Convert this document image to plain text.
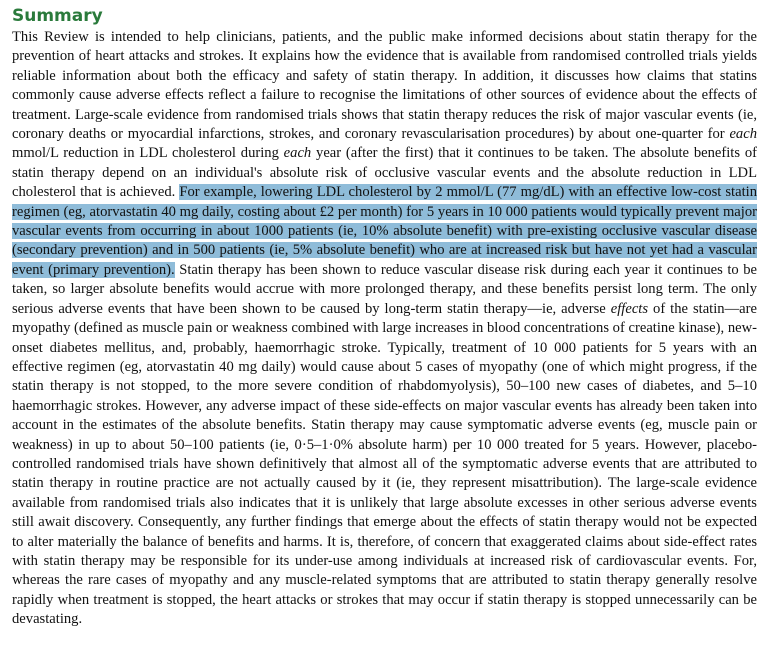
Summary

This Review is intended to help clinicians, patients, and the public make informed decisions about statin therapy for the prevention of heart attacks and strokes. It explains how the evidence that is available from randomised controlled trials yields reliable information about both the efficacy and safety of statin therapy. In addition, it discusses how claims that statins commonly cause adverse effects reflect a failure to recognise the limitations of other sources of evidence about the effects of treatment. Large-scale evidence from randomised trials shows that statin therapy reduces the risk of major vascular events (ie, coronary deaths or myocardial infarctions, strokes, and coronary revascularisation procedures) by about one-quarter for each mmol/L reduction in LDL cholesterol during each year (after the first) that it continues to be taken. The absolute benefits of statin therapy depend on an individual's absolute risk of occlusive vascular events and the absolute reduction in LDL cholesterol that is achieved. For example, lowering LDL cholesterol by 2 mmol/L (77 mg/dL) with an effective low-cost statin regimen (eg, atorvastatin 40 mg daily, costing about £2 per month) for 5 years in 10 000 patients would typically prevent major vascular events from occurring in about 1000 patients (ie, 10% absolute benefit) with pre-existing occlusive vascular disease (secondary prevention) and in 500 patients (ie, 5% absolute benefit) who are at increased risk but have not yet had a vascular event (primary prevention). Statin therapy has been shown to reduce vascular disease risk during each year it continues to be taken, so larger absolute benefits would accrue with more prolonged therapy, and these benefits persist long term. The only serious adverse events that have been shown to be caused by long-term statin therapy—ie, adverse effects of the statin—are myopathy (defined as muscle pain or weakness combined with large increases in blood concentrations of creatine kinase), new-onset diabetes mellitus, and, probably, haemorrhagic stroke. Typically, treatment of 10 000 patients for 5 years with an effective regimen (eg, atorvastatin 40 mg daily) would cause about 5 cases of myopathy (one of which might progress, if the statin therapy is not stopped, to the more severe condition of rhabdomyolysis), 50–100 new cases of diabetes, and 5–10 haemorrhagic strokes. However, any adverse impact of these side-effects on major vascular events has already been taken into account in the estimates of the absolute benefits. Statin therapy may cause symptomatic adverse events (eg, muscle pain or weakness) in up to about 50–100 patients (ie, 0·5–1·0% absolute harm) per 10 000 treated for 5 years. However, placebo-controlled randomised trials have shown definitively that almost all of the symptomatic adverse events that are attributed to statin therapy in routine practice are not actually caused by it (ie, they represent misattribution). The large-scale evidence available from randomised trials also indicates that it is unlikely that large absolute excesses in other serious adverse events still await discovery. Consequently, any further findings that emerge about the effects of statin therapy would not be expected to alter materially the balance of benefits and harms. It is, therefore, of concern that exaggerated claims about side-effect rates with statin therapy may be responsible for its under-use among individuals at increased risk of cardiovascular events. For, whereas the rare cases of myopathy and any muscle-related symptoms that are attributed to statin therapy generally resolve rapidly when treatment is stopped, the heart attacks or strokes that may occur if statin therapy is stopped unnecessarily can be devastating.
